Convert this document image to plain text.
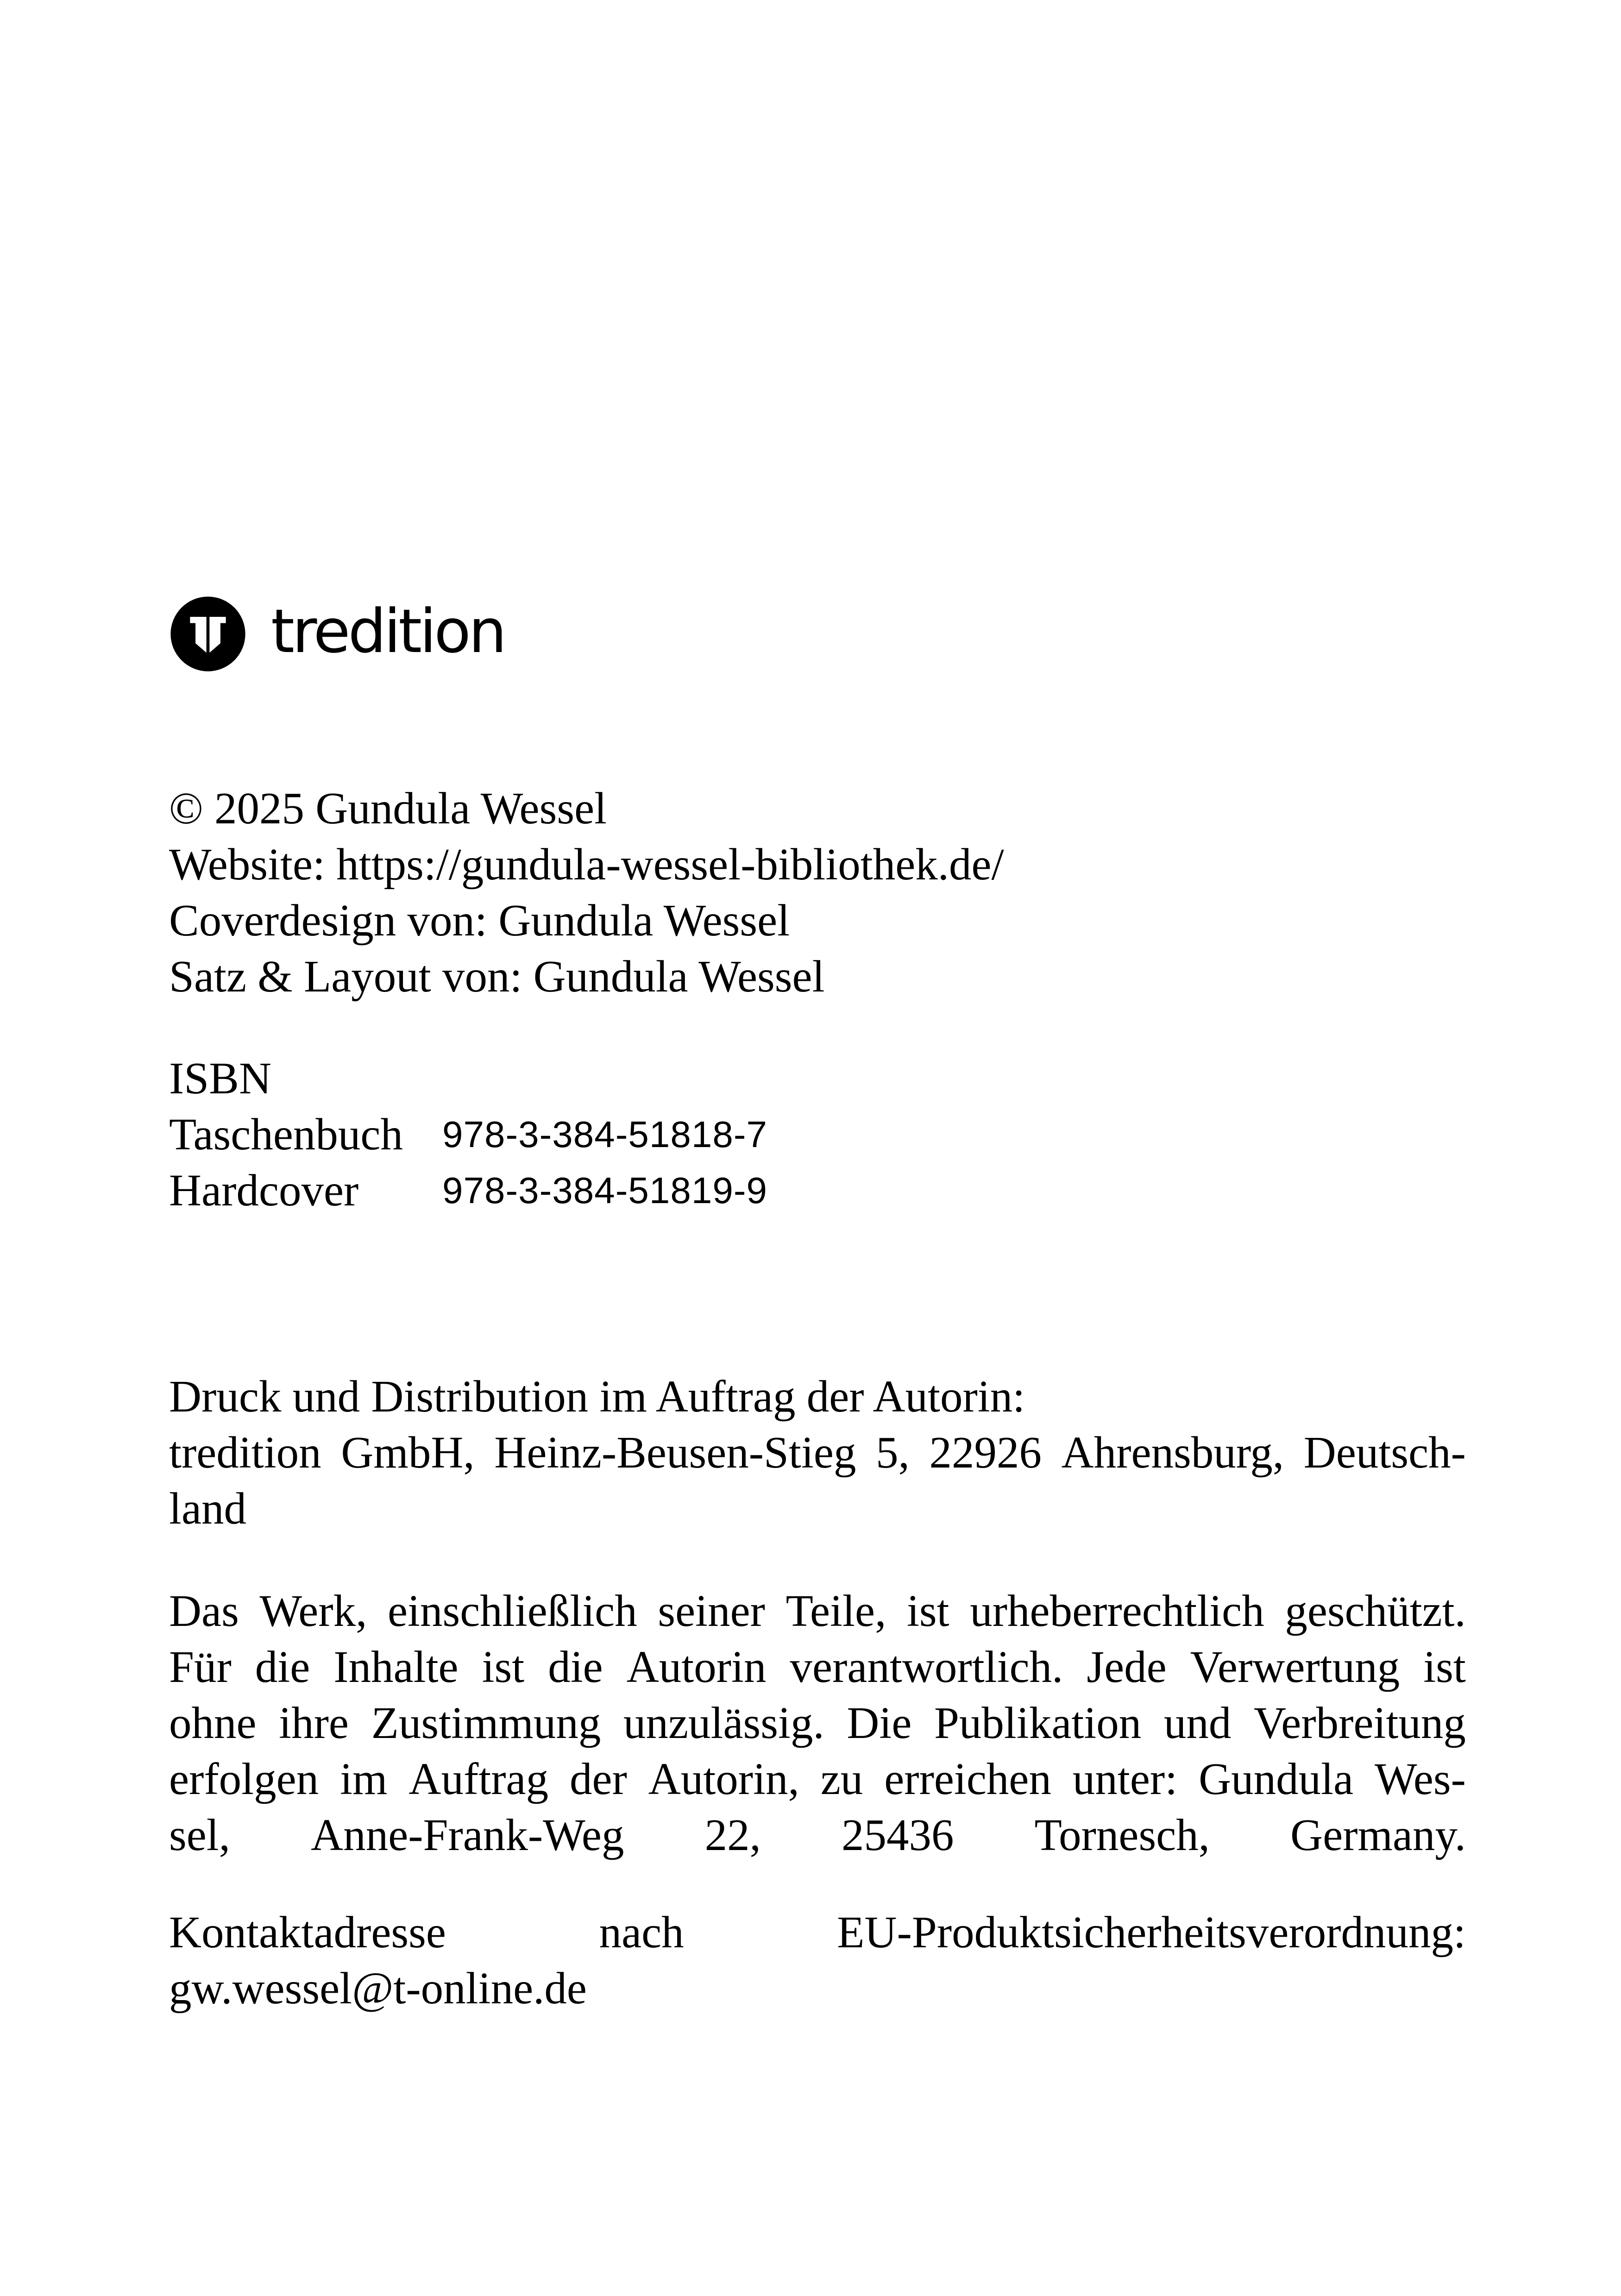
tredition
© 2025 Gundula Wessel
Website: https://gundula-wessel-bibliothek.de/
Coverdesign von: Gundula Wessel
Satz & Layout von: Gundula Wessel
ISBN
Taschenbuch	978-3-384-51818-7
Hardcover	978-3-384-51819-9
Druck und Distribution im Auftrag der Autorin:
tredition GmbH, Heinz-Beusen-Stieg 5, 22926 Ahrensburg, Deutsch-
land
Das Werk, einschließlich seiner Teile, ist urheberrechtlich geschützt.
Für die Inhalte ist die Autorin verantwortlich. Jede Verwertung ist
ohne ihre Zustimmung unzulässig. Die Publikation und Verbreitung
erfolgen im Auftrag der Autorin, zu erreichen unter: Gundula Wes-
sel, Anne-Frank-Weg 22, 25436 Tornesch, Germany.
Kontaktadresse	nach	EU-Produktsicherheitsverordnung:
gw.wessel@t-online.de
